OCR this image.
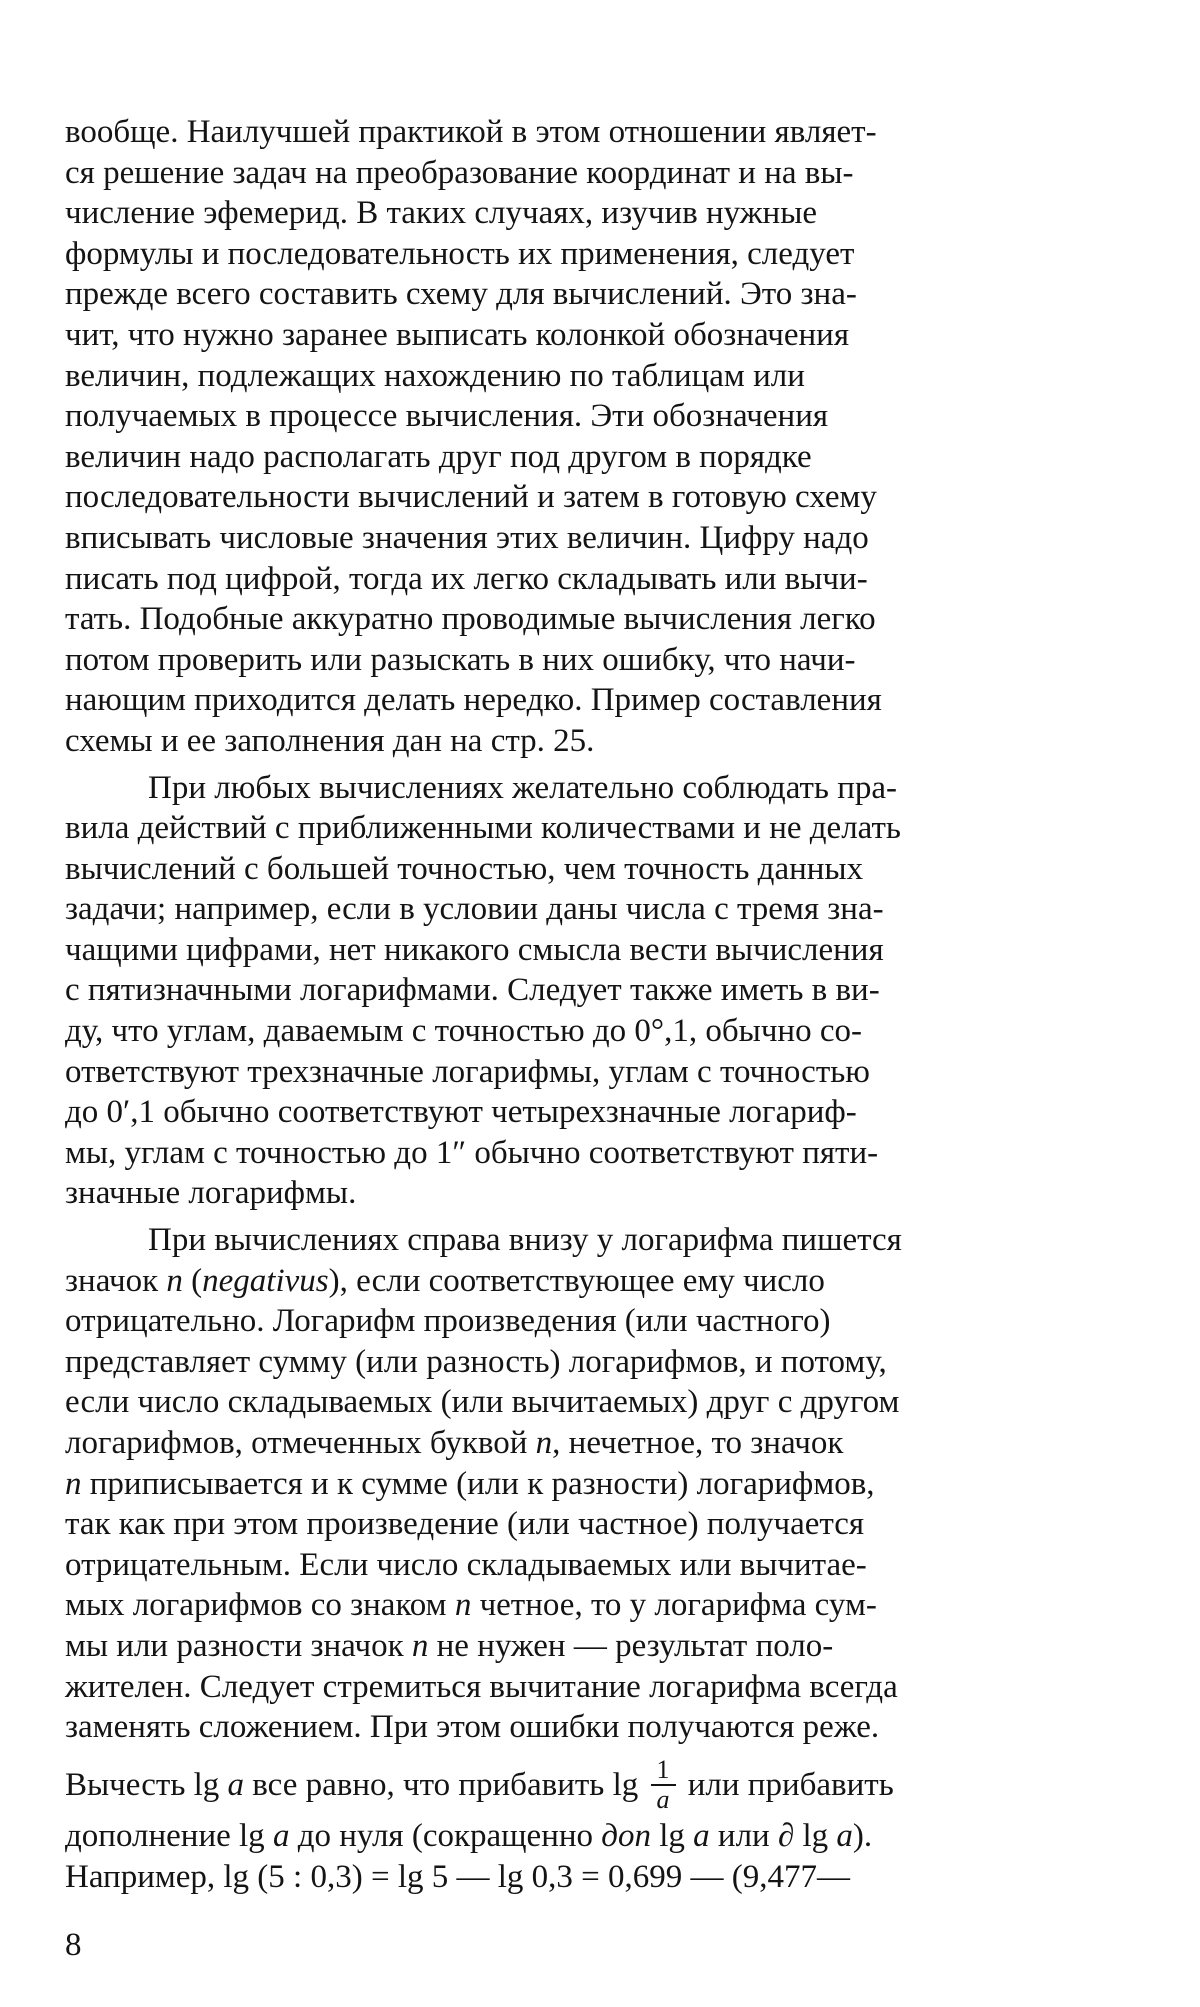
вообще. Наилучшей практикой в этом отношении являет-
ся решение задач на преобразование координат и на вы-
числение эфемерид. В таких случаях, изучив нужные
формулы и последовательность их применения, следует
прежде всего составить схему для вычислений. Это зна-
чит, что нужно заранее выписать колонкой обозначения
величин, подлежащих нахождению по таблицам или
получаемых в процессе вычисления. Эти обозначения
величин надо располагать друг под другом в порядке
последовательности вычислений и затем в готовую схему
вписывать числовые значения этих величин. Цифру надо
писать под цифрой, тогда их легко складывать или вычи-
тать. Подобные аккуратно проводимые вычисления легко
потом проверить или разыскать в них ошибку, что начи-
нающим приходится делать нередко. Пример составления
схемы и ее заполнения дан на стр. 25.

При любых вычислениях желательно соблюдать пра-
вила действий с приближенными количествами и не делать
вычислений с большей точностью, чем точность данных
задачи; например, если в условии даны числа с тремя зна-
чащими цифрами, нет никакого смысла вести вычисления
с пятизначными логарифмами. Следует также иметь в ви-
ду, что углам, даваемым с точностью до 0°,1, обычно со-
ответствуют трехзначные логарифмы, углам с точностью
до 0′,1 обычно соответствуют четырехзначные логариф-
мы, углам с точностью до 1″ обычно соответствуют пяти-
значные логарифмы.

При вычислениях справа внизу у логарифма пишется
значок n (negativus), если соответствующее ему число
отрицательно. Логарифм произведения (или частного)
представляет сумму (или разность) логарифмов, и потому,
если число складываемых (или вычитаемых) друг с другом
логарифмов, отмеченных буквой n, нечетное, то значок
n приписывается и к сумме (или к разности) логарифмов,
так как при этом произведение (или частное) получается
отрицательным. Если число складываемых или вычитае-
мых логарифмов со знаком n четное, то у логарифма сум-
мы или разности значок n не нужен — результат поло-
жителен. Следует стремиться вычитание логарифма всегда
заменять сложением. При этом ошибки получаются реже.
Вычесть lg a все равно, что прибавить $\lg \frac{1}{a}$ или прибавить
дополнение lg a до нуля (сокращенно доп lg a или ∂ lg a).
Например, lg (5 : 0,3) = lg 5 — lg 0,3 = 0,699 — (9,477—

8
